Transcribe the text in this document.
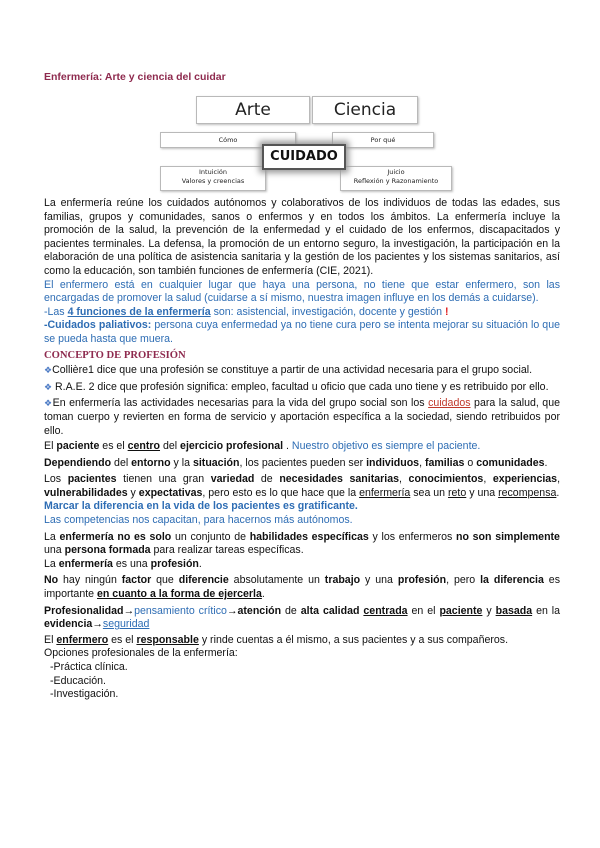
Enfermería: Arte y ciencia del cuidar
Arte	Ciencia
Cómo	Por qué
Intuición
Valores y creencias
Juicio
Reflexión y Razonamiento
CUIDADO

La enfermería reúne los cuidados autónomos y colaborativos de los individuos de todas las edades, sus familias, grupos y comunidades, sanos o enfermos y en todos los ámbitos. La enfermería incluye la promoción de la salud, la prevención de la enfermedad y el cuidado de los enfermos, discapacitados y pacientes terminales. La defensa, la promoción de un entorno seguro, la investigación, la participación en la elaboración de una política de asistencia sanitaria y la gestión de los pacientes y los sistemas sanitarios, así como la educación, son también funciones de enfermería (CIE, 2021).

El enfermero está en cualquier lugar que haya una persona, no tiene que estar enfermero, son las encargadas de promover la salud (cuidarse a sí mismo, nuestra imagen influye en los demás a cuidarse).

-Las 4 funciones de la enfermería son: asistencial, investigación, docente y gestión !

-Cuidados paliativos: persona cuya enfermedad ya no tiene cura pero se intenta mejorar su situación lo que se pueda hasta que muera.

CONCEPTO DE PROFESIÓN

❖Collière1 dice que una profesión se constituye a partir de una actividad necesaria para el grupo social.

❖ R.A.E. 2 dice que profesión significa: empleo, facultad u oficio que cada uno tiene y es retribuido por ello.

❖En enfermería las actividades necesarias para la vida del grupo social son los cuidados para la salud, que toman cuerpo y revierten en forma de servicio y aportación específica a la sociedad, siendo retribuidos por ello.

El paciente es el centro del ejercicio profesional . Nuestro objetivo es siempre el paciente.

Dependiendo del entorno y la situación, los pacientes pueden ser individuos, familias o comunidades.

Los pacientes tienen una gran variedad de necesidades sanitarias, conocimientos, experiencias, vulnerabilidades y expectativas, pero esto es lo que hace que la enfermería sea un reto y una recompensa.

Marcar la diferencia en la vida de los pacientes es gratificante.

Las competencias nos capacitan, para hacernos más autónomos.

La enfermería no es solo un conjunto de habilidades específicas y los enfermeros no son simplemente una persona formada para realizar tareas específicas.

La enfermería es una profesión.

No hay ningún factor que diferencie absolutamente un trabajo y una profesión, pero la diferencia es importante en cuanto a la forma de ejercerla.

Profesionalidad→pensamiento crítico→atención de alta calidad centrada en el paciente y basada en la evidencia→seguridad

El enfermero es el responsable y rinde cuentas a él mismo, a sus pacientes y a sus compañeros.

Opciones profesionales de la enfermería:

-Práctica clínica.

-Educación.

-Investigación.
